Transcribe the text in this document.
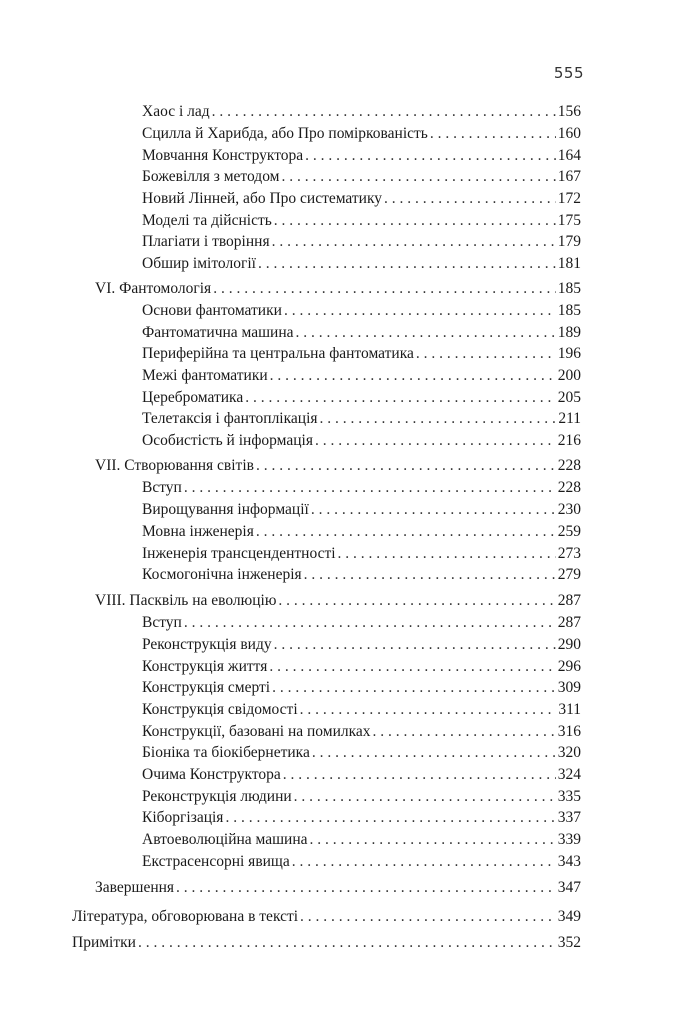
555
Хаос і лад . . .	156
Сцилла й Харибда, або Про поміркованість . . .	160
Мовчання Конструктора . . .	164
Божевілля з методом . . .	167
Новий Лінней, або Про систематику . . .	172
Моделі та дійсність . . .	175
Плагіати і творіння . . .	179
Обшир імітології . . .	181
VI. Фантомологія . . .	185
Основи фантоматики . . .	185
Фантоматична машина . . .	189
Периферійна та центральна фантоматика . . .	196
Межі фантоматики . . .	200
Цереброматика . . .	205
Телетаксія і фантоплікація . . .	211
Особистість й інформація . . .	216
VII. Створювання світів . . .	228
Вступ . . .	228
Вирощування інформації . . .	230
Мовна інженерія . . .	259
Інженерія трансцендентності . . .	273
Космогонічна інженерія . . .	279
VIII. Пасквіль на еволюцію . . .	287
Вступ . . .	287
Реконструкція виду . . .	290
Конструкція життя . . .	296
Конструкція смерті . . .	309
Конструкція свідомості . . .	311
Конструкції, базовані на помилках . . .	316
Біоніка та біокібернетика . . .	320
Очима Конструктора . . .	324
Реконструкція людини . . .	335
Кіборгізація . . .	337
Автоеволюційна машина . . .	339
Екстрасенсорні явища . . .	343
Завершення . . .	347
Література, обговорювана в тексті . . .	349
Примітки . . .	352
